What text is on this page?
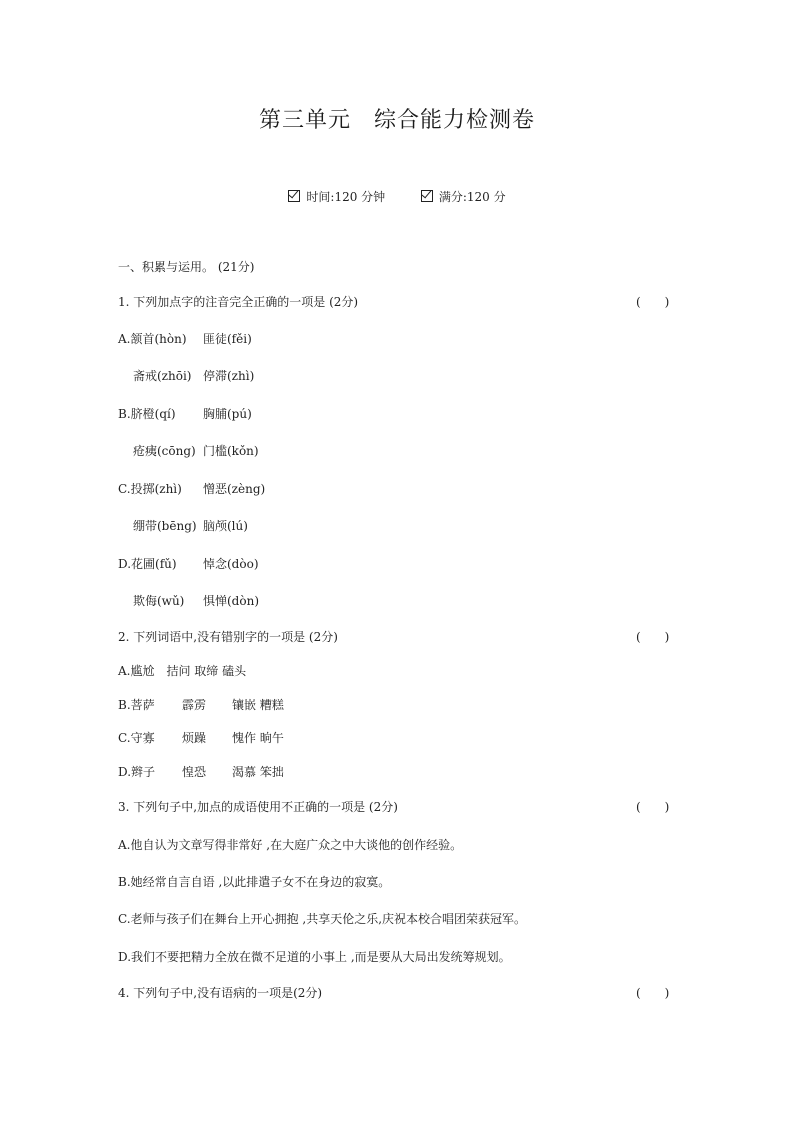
第三单元　综合能力检测卷
时间:120 分钟
	满分:120 分
一、积累与运用。 (21分)
1. 下列加点字的注音完全正确的一项是 (2分)	(　　)
A.颔首(hòn) 匪徒(fěi)
斋戒(zhōi) 停滞(zhì)
B.脐橙(qí) 胸脯(pú)
疮痍(cōng) 门槛(kǒn)
C.投掷(zhì) 憎恶(zèng)
绷带(bēng) 脑颅(lú)
D.花圃(fǔ) 悼念(dòo)
欺侮(wǔ) 惧惮(dòn)
2. 下列词语中,没有错别字的一项是 (2分)	(　　)
A.尴尬　拮问 取缔 磕头
B.菩萨 霹雳 镶嵌 糟糕
C.守寡 烦躁 愧作 晌午
D.辫子 惶恐 渴慕 笨拙
3. 下列句子中,加点的成语使用不正确的一项是 (2分)	(　　)
A.他自认为文章写得非常好 ,在大庭广众之中大谈他的创作经验。
B.她经常自言自语 ,以此排遣子女不在身边的寂寞。
C.老师与孩子们在舞台上开心拥抱 ,共享天伦之乐,庆祝本校合唱团荣获冠军。
D.我们不要把精力全放在微不足道的小事上 ,而是要从大局出发统筹规划。
4. 下列句子中,没有语病的一项是(2分)	(　　)
